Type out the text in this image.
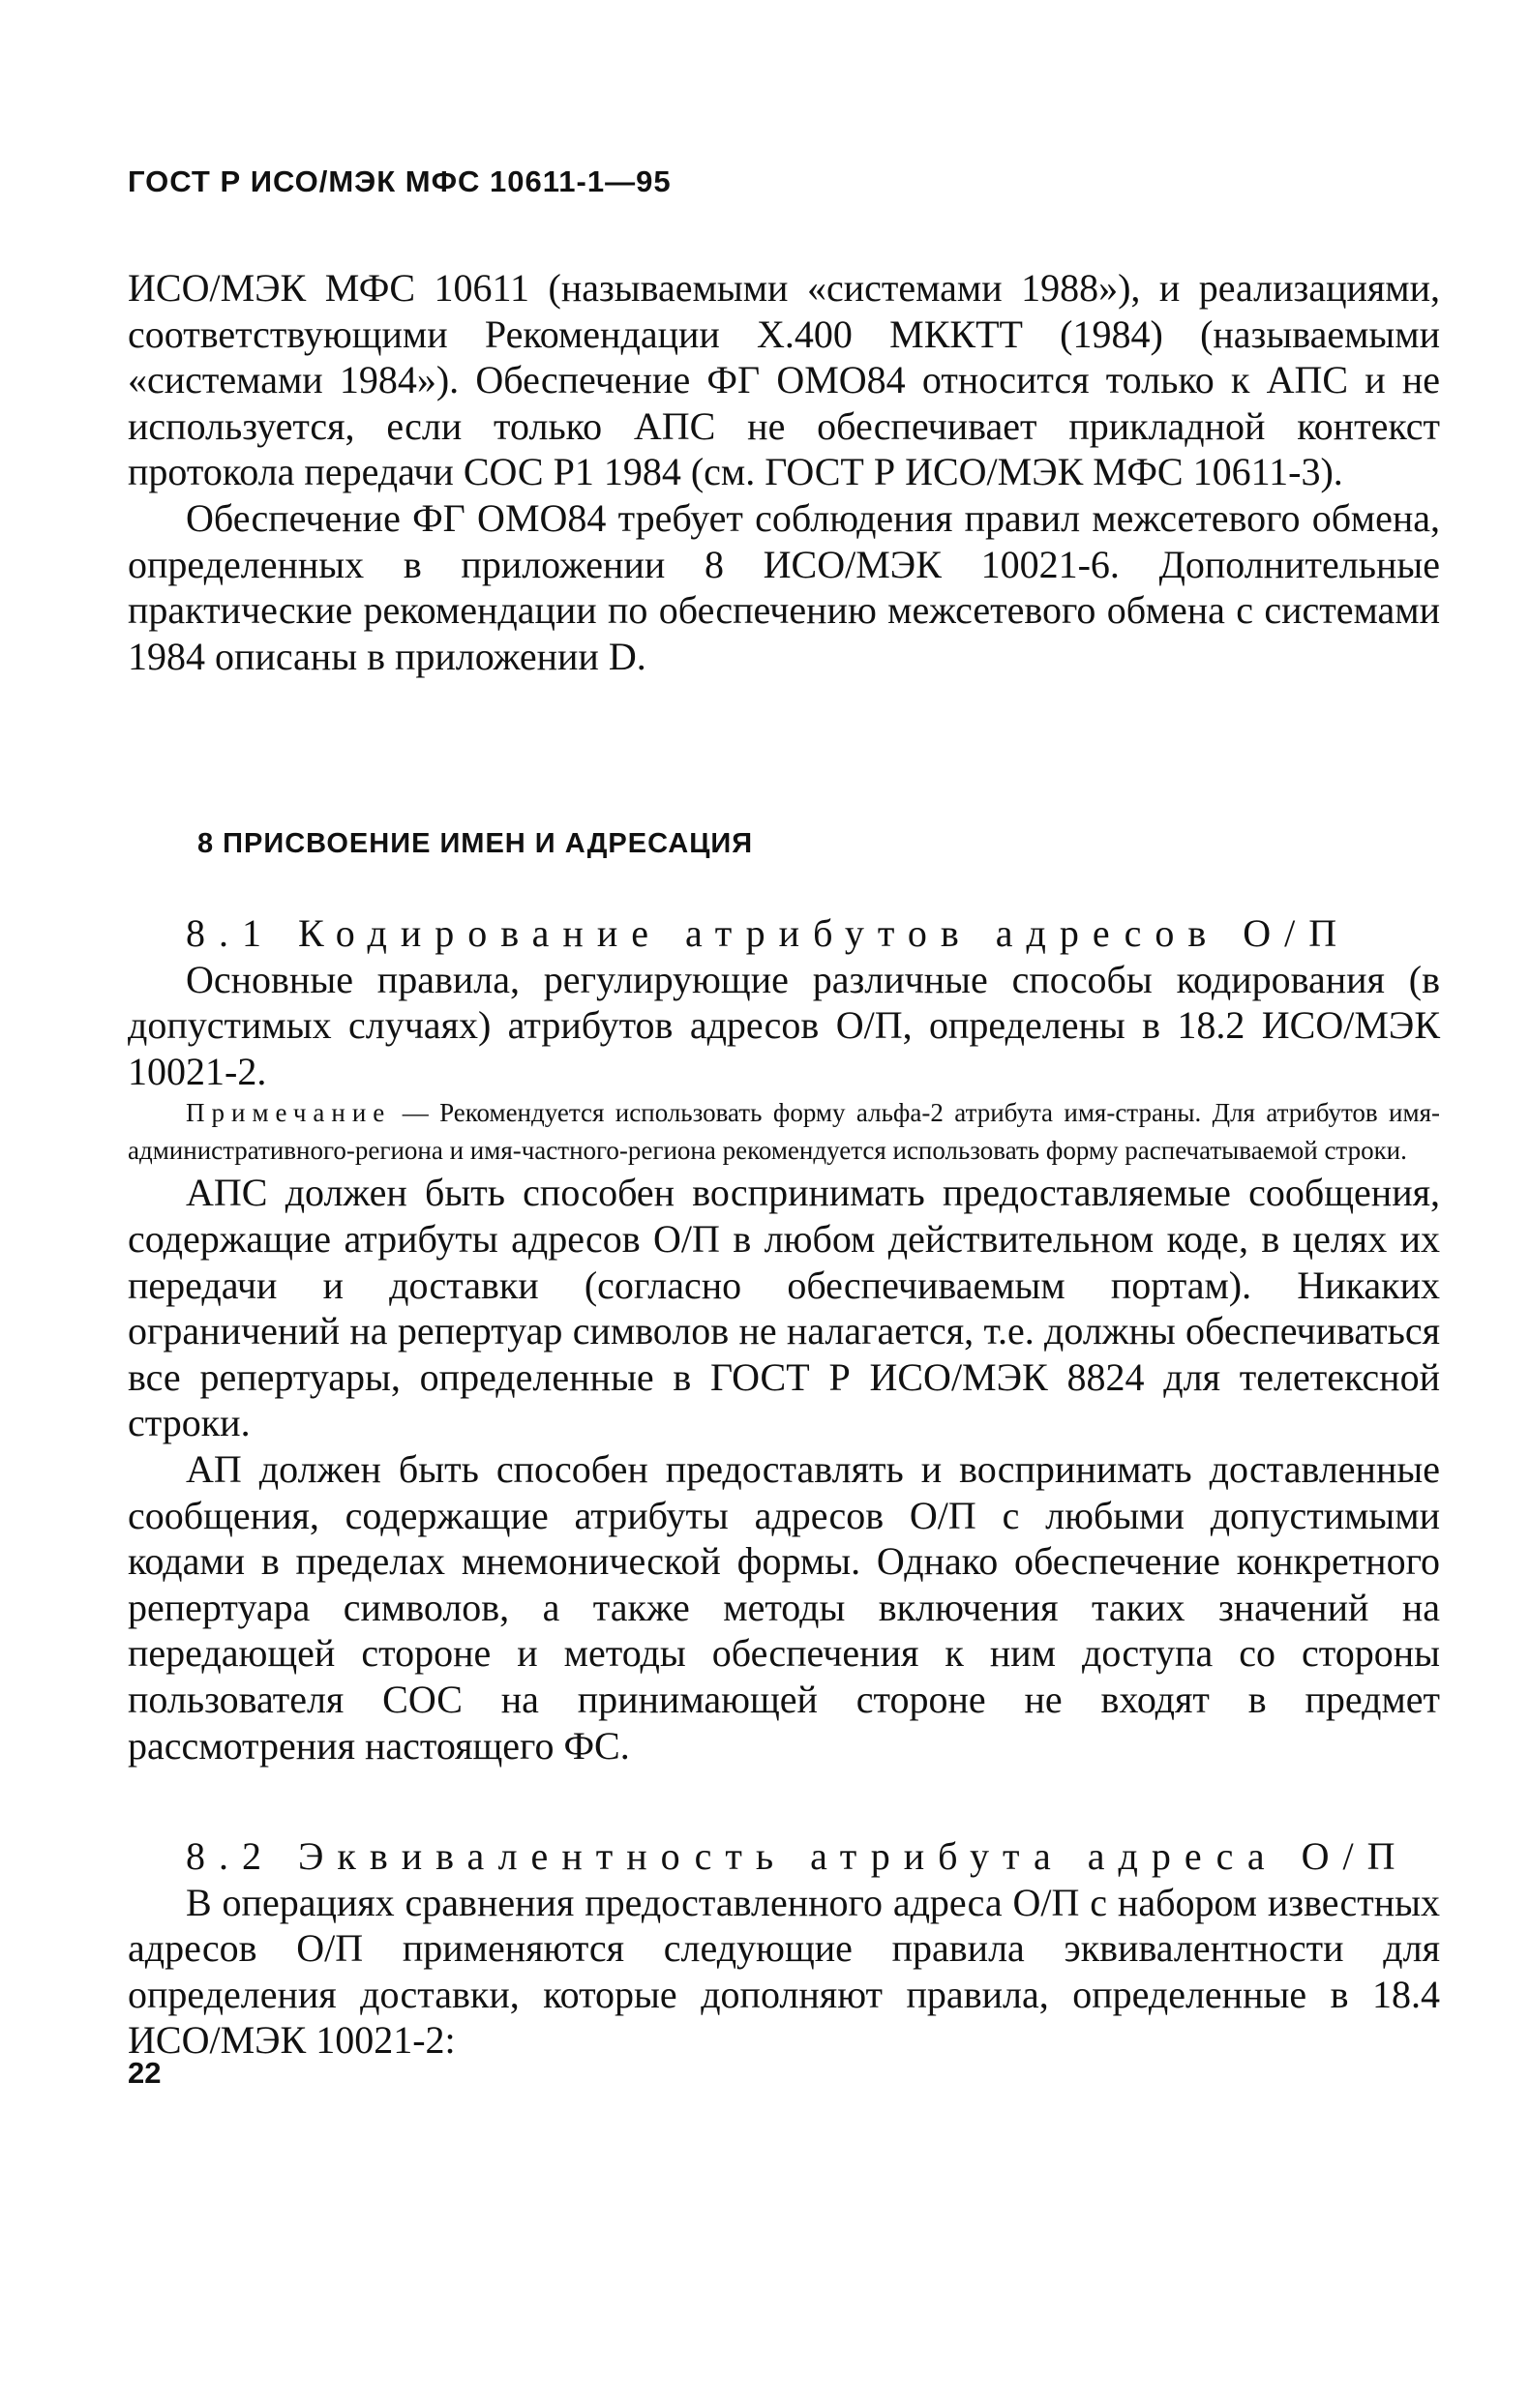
ГОСТ Р ИСО/МЭК МФС 10611-1—95

ИСО/МЭК МФС 10611 (называемыми «системами 1988»), и реализациями, соответствующими Рекомендации X.400 МККТТ (1984) (называемыми «системами 1984»). Обеспечение ФГ ОМО84 относится только к АПС и не используется, если только АПС не обеспечивает прикладной контекст протокола передачи СОС Р1 1984 (см. ГОСТ Р ИСО/МЭК МФС 10611-3).

Обеспечение ФГ ОМО84 требует соблюдения правил межсетевого обмена, определенных в приложении 8 ИСО/МЭК 10021-6. Дополнительные практические рекомендации по обеспечению межсетевого обмена с системами 1984 описаны в приложении D.

8 ПРИСВОЕНИЕ ИМЕН И АДРЕСАЦИЯ

8.1 Кодирование атрибутов адресов О/П

Основные правила, регулирующие различные способы кодирования (в допустимых случаях) атрибутов адресов О/П, определены в 18.2 ИСО/МЭК 10021-2.

Примечание — Рекомендуется использовать форму альфа-2 атрибута имя-страны. Для атрибутов имя-административного-региона и имя-частного-региона рекомендуется использовать форму распечатываемой строки.

АПС должен быть способен воспринимать предоставляемые сообщения, содержащие атрибуты адресов О/П в любом действительном коде, в целях их передачи и доставки (согласно обеспечиваемым портам). Никаких ограничений на репертуар символов не налагается, т.е. должны обеспечиваться все репертуары, определенные в ГОСТ Р ИСО/МЭК 8824 для телетексной строки.

АП должен быть способен предоставлять и воспринимать доставленные сообщения, содержащие атрибуты адресов О/П с любыми допустимыми кодами в пределах мнемонической формы. Однако обеспечение конкретного репертуара символов, а также методы включения таких значений на передающей стороне и методы обеспечения к ним доступа со стороны пользователя СОС на принимающей стороне не входят в предмет рассмотрения настоящего ФС.

8.2 Эквивалентность атрибута адреса О/П

В операциях сравнения предоставленного адреса О/П с набором известных адресов О/П применяются следующие правила эквивалентности для определения доставки, которые дополняют правила, определенные в 18.4 ИСО/МЭК 10021-2:

22
